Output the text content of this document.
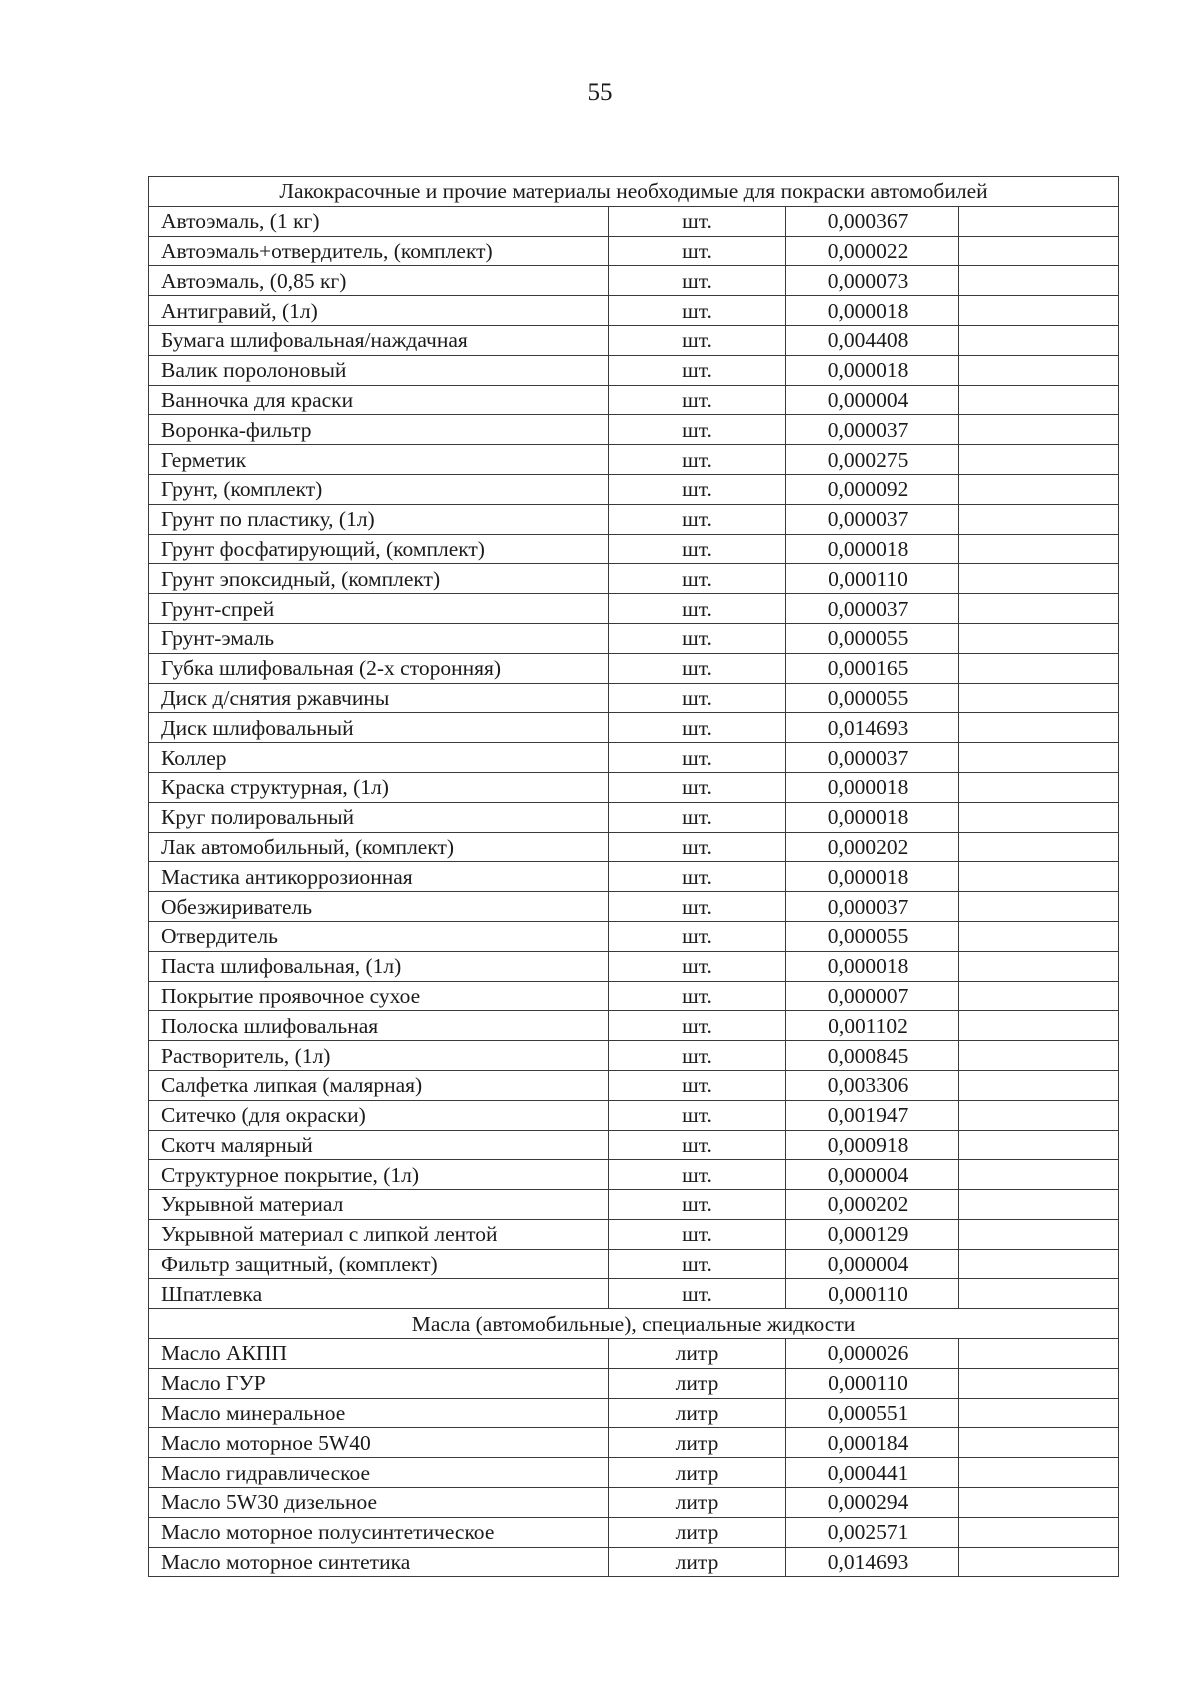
55
Лакокрасочные и прочие материалы необходимые для покраски автомобилей			
Автоэмаль, (1 кг)	шт.	0,000367	
Автоэмаль+отвердитель, (комплект)	шт.	0,000022	
Автоэмаль, (0,85 кг)	шт.	0,000073	
Антигравий, (1л)	шт.	0,000018	
Бумага шлифовальная/наждачная	шт.	0,004408	
Валик поролоновый	шт.	0,000018	
Ванночка для краски	шт.	0,000004	
Воронка-фильтр	шт.	0,000037	
Герметик	шт.	0,000275	
Грунт, (комплект)	шт.	0,000092	
Грунт по пластику, (1л)	шт.	0,000037	
Грунт фосфатирующий, (комплект)	шт.	0,000018	
Грунт эпоксидный, (комплект)	шт.	0,000110	
Грунт-спрей	шт.	0,000037	
Грунт-эмаль	шт.	0,000055	
Губка шлифовальная (2-х сторонняя)	шт.	0,000165	
Диск д/снятия ржавчины	шт.	0,000055	
Диск шлифовальный	шт.	0,014693	
Коллер	шт.	0,000037	
Краска структурная, (1л)	шт.	0,000018	
Круг полировальный	шт.	0,000018	
Лак автомобильный, (комплект)	шт.	0,000202	
Мастика антикоррозионная	шт.	0,000018	
Обезжириватель	шт.	0,000037	
Отвердитель	шт.	0,000055	
Паста шлифовальная, (1л)	шт.	0,000018	
Покрытие проявочное сухое	шт.	0,000007	
Полоска шлифовальная	шт.	0,001102	
Растворитель, (1л)	шт.	0,000845	
Салфетка липкая (малярная)	шт.	0,003306	
Ситечко (для окраски)	шт.	0,001947	
Скотч малярный	шт.	0,000918	
Структурное покрытие, (1л)	шт.	0,000004	
Укрывной материал	шт.	0,000202	
Укрывной материал с липкой лентой	шт.	0,000129	
Фильтр защитный, (комплект)	шт.	0,000004	
Шпатлевка	шт.	0,000110	
Масла (автомобильные), специальные жидкости			
Масло АКПП	литр	0,000026	
Масло ГУР	литр	0,000110	
Масло минеральное	литр	0,000551	
Масло моторное 5W40	литр	0,000184	
Масло гидравлическое	литр	0,000441	
Масло 5W30 дизельное	литр	0,000294	
Масло моторное полусинтетическое	литр	0,002571	
Масло моторное синтетика	литр	0,014693	
